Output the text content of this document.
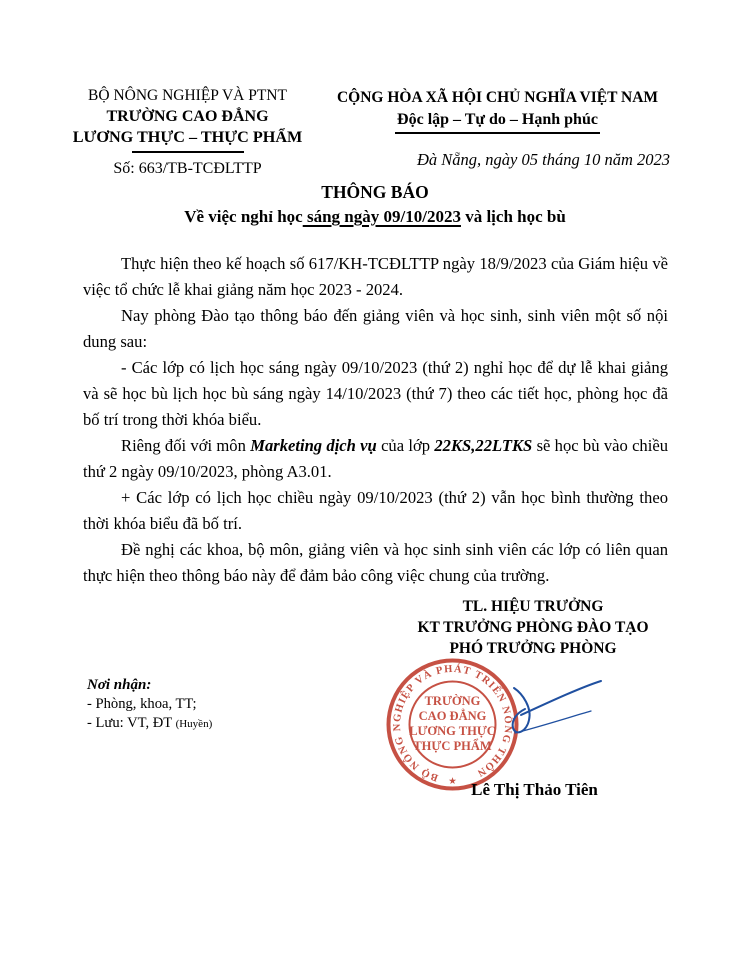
BỘ NÔNG NGHIỆP VÀ PTNT
TRƯỜNG CAO ĐẲNG
LƯƠNG THỰC – THỰC PHẨM
Số: 663/TB-TCĐLTTP
CỘNG HÒA XÃ HỘI CHỦ NGHĨA VIỆT NAM
Độc lập – Tự do – Hạnh phúc
Đà Nẵng, ngày 05 tháng 10 năm 2023
THÔNG BÁO
Về việc nghỉ học sáng ngày 09/10/2023 và lịch học bù

Thực hiện theo kế hoạch số 617/KH-TCĐLTTP ngày 18/9/2023 của Giám hiệu về việc tổ chức lễ khai giảng năm học 2023 - 2024.

Nay phòng Đào tạo thông báo đến giảng viên và học sinh, sinh viên một số nội dung sau:

- Các lớp có lịch học sáng ngày 09/10/2023 (thứ 2) nghỉ học để dự lễ khai giảng và sẽ học bù lịch học bù sáng ngày 14/10/2023 (thứ 7) theo các tiết học, phòng học đã bố trí trong thời khóa biểu.

Riêng đối với môn Marketing dịch vụ của lớp 22KS,22LTKS sẽ học bù vào chiều thứ 2 ngày 09/10/2023, phòng A3.01.

+ Các lớp có lịch học chiều ngày 09/10/2023 (thứ 2) vẫn học bình thường theo thời khóa biểu đã bố trí.

Đề nghị các khoa, bộ môn, giảng viên và học sinh sinh viên các lớp có liên quan thực hiện theo thông báo này để đảm bảo công việc chung của trường.

TL. HIỆU TRƯỞNG
KT TRƯỞNG PHÒNG ĐÀO TẠO
PHÓ TRƯỞNG PHÒNG
Nơi nhận:
- Phòng, khoa, TT;
- Lưu: VT, ĐT (Huyền)
BỘ NÔNG NGHIỆP VÀ PHÁT TRIỂN NÔNG THÔN
★
TRƯỜNG
CAO ĐẲNG
LƯƠNG THỰC
THỰC PHẨM
Lê Thị Thảo Tiên
